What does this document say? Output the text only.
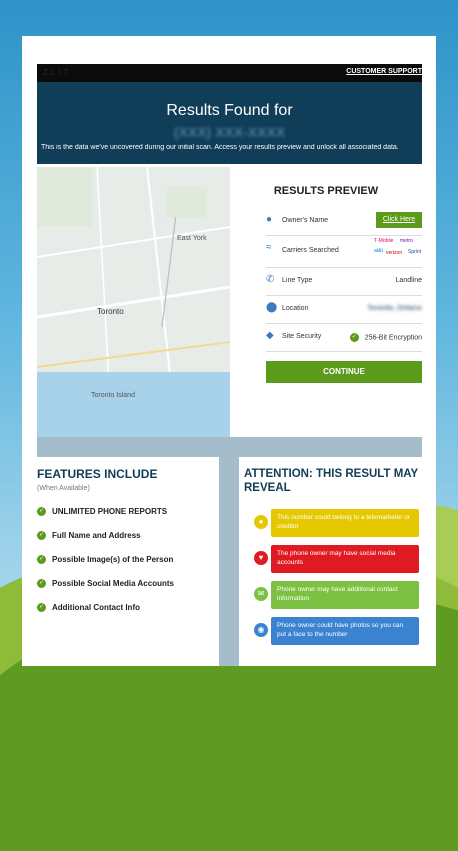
ZLIT	CUSTOMER SUPPORT
Results Found for
(XXX) XXX-XXXX
This is the data we've uncovered during our initial scan. Access your results preview and unlock all associated data.
East York
Toronto
Toronto Island
RESULTS PREVIEW
●	Owner's Name	Click Here
≈	Carriers Searched
T‑Mobile metro
at&t verizon Sprint
✆ Line Type	Landline
⬤ Location	Toronto, Ontario
◆	Site Security	✓ 256-Bit Encryption
CONTINUE
FEATURES INCLUDE
(When Available)
✓ UNLIMITED PHONE REPORTS
✓ Full Name and Address
✓ Possible Image(s) of the Person
✓ Possible Social Media Accounts
✓ Additional Contact Info
ATTENTION: THIS RESULT MAY REVEAL
●	This number could belong to a telemarketer or creditor
♥	The phone owner may have social media accounts
✉	Phone owner may have additional contact information
◉	Phone owner could have photos so you can put a face to the number
